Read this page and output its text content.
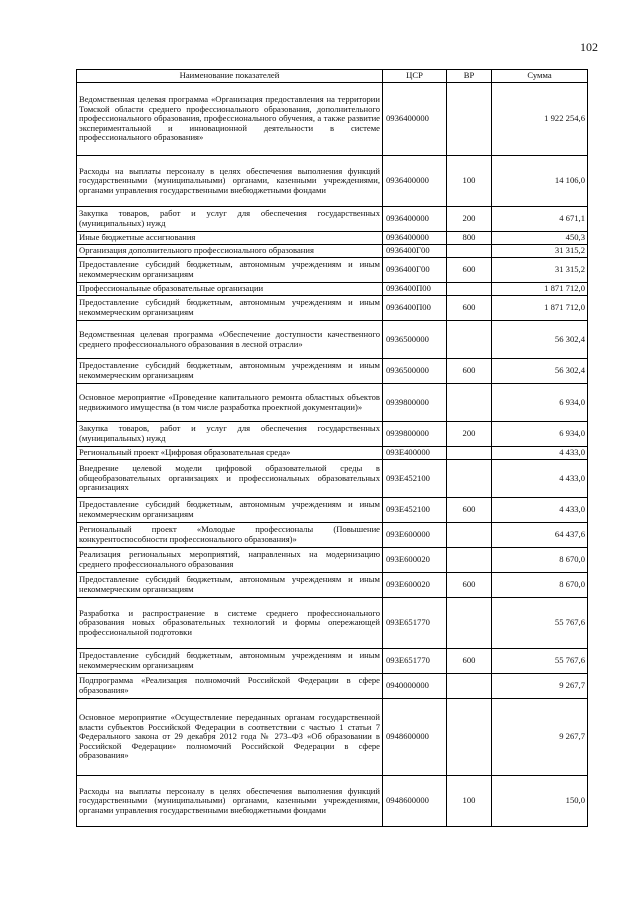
102
Наименование показателей	ЦСР	ВР	Сумма
Ведомственная целевая программа «Организация предоставления на территории Томской области среднего профессионального образования, дополнительного профессионального образования, профессионального обучения, а также развитие экспериментальной и инновационной деятельности в системе профессионального образования»	0936400000		1 922 254,6
Расходы на выплаты персоналу в целях обеспечения выполнения функций государственными (муниципальными) органами, казенными учреждениями, органами управления государственными внебюджетными фондами	0936400000	100	14 106,0
Закупка товаров, работ и услуг для обеспечения государственных (муниципальных) нужд	0936400000	200	4 671,1
Иные бюджетные ассигнования	0936400000	800	450,3
Организация дополнительного профессионального образования	0936400Г00		31 315,2
Предоставление субсидий бюджетным, автономным учреждениям и иным некоммерческим организациям	0936400Г00	600	31 315,2
Профессиональные образовательные организации	0936400П00		1 871 712,0
Предоставление субсидий бюджетным, автономным учреждениям и иным некоммерческим организациям	0936400П00	600	1 871 712,0
Ведомственная целевая программа «Обеспечение доступности качественного среднего профессионального образования в лесной отрасли»	0936500000		56 302,4
Предоставление субсидий бюджетным, автономным учреждениям и иным некоммерческим организациям	0936500000	600	56 302,4
Основное мероприятие «Проведение капитального ремонта областных объектов недвижимого имущества (в том числе разработка проектной документации)»	0939800000		6 934,0
Закупка товаров, работ и услуг для обеспечения государственных (муниципальных) нужд	0939800000	200	6 934,0
Региональный проект «Цифровая образовательная среда»	093E400000		4 433,0
Внедрение целевой модели цифровой образовательной среды в общеобразовательных организациях и профессиональных образовательных организациях	093E452100		4 433,0
Предоставление субсидий бюджетным, автономным учреждениям и иным некоммерческим организациям	093E452100	600	4 433,0
Региональный проект «Молодые профессионалы (Повышение конкурентоспособности профессионального образования)»	093E600000		64 437,6
Реализация региональных мероприятий, направленных на модернизацию среднего профессионального образования	093E600020		8 670,0
Предоставление субсидий бюджетным, автономным учреждениям и иным некоммерческим организациям	093E600020	600	8 670,0
Разработка и распространение в системе среднего профессионального образования новых образовательных технологий и формы опережающей профессиональной подготовки	093E651770		55 767,6
Предоставление субсидий бюджетным, автономным учреждениям и иным некоммерческим организациям	093E651770	600	55 767,6
Подпрограмма «Реализация полномочий Российской Федерации в сфере образования»	0940000000		9 267,7
Основное мероприятие «Осуществление переданных органам государственной власти субъектов Российской Федерации в соответствии с частью 1 статьи 7 Федерального закона от 29 декабря 2012 года № 273–ФЗ «Об образовании в Российской Федерации» полномочий Российской Федерации в сфере образования»	0948600000		9 267,7
Расходы на выплаты персоналу в целях обеспечения выполнения функций государственными (муниципальными) органами, казенными учреждениями, органами управления государственными внебюджетными фондами	0948600000	100	150,0
